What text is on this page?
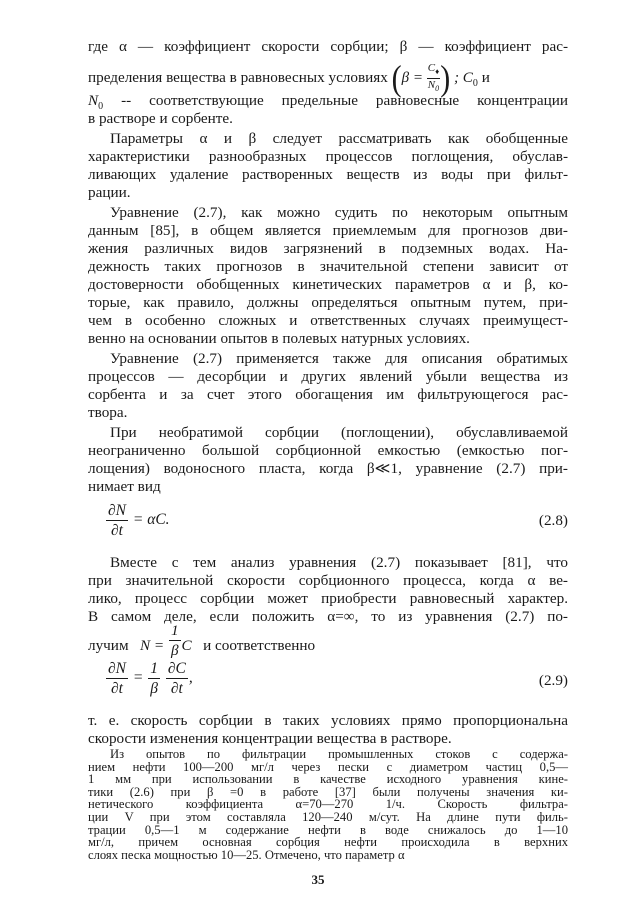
где α — коэффициент скорости сорбции; β — коэффициент рас-
пределения вещества в равновесных условиях ($\beta = \frac{C_♦}{N_0}$ ) ; $C_0$ и
$N_0$ -- соответствующие предельные равновесные концентрации
в растворе и сорбенте.
Параметры α и β следует рассматривать как обобщенные
характеристики разнообразных процессов поглощения, обуслав-
ливающих удаление растворенных веществ из воды при фильт-
рации.
Уравнение (2.7), как можно судить по некоторым опытным
данным [85], в общем является приемлемым для прогнозов дви-
жения различных видов загрязнений в подземных водах. На-
дежность таких прогнозов в значительной степени зависит от
достоверности обобщенных кинетических параметров α и β, ко-
торые, как правило, должны определяться опытным путем, при-
чем в особенно сложных и ответственных случаях преимущест-
венно на основании опытов в полевых натурных условиях.
Уравнение (2.7) применяется также для описания обратимых
процессов — десорбции и других явлений убыли вещества из
сорбента и за счет этого обогащения им фильтрующегося рас-
твора.
При необратимой сорбции (поглощении), обуславливаемой
неограниченно большой сорбционной емкостью (емкостью пог-
лощения) водоносного пласта, когда β≪1, уравнение (2.7) при-
нимает вид
$\frac{\partial N}{\partial t} = \alpha C$.	(2.8)
Вместе с тем анализ уравнения (2.7) показывает [81], что
при значительной скорости сорбционного процесса, когда α ве-
лико, процесс сорбции может приобрести равновесный характер.
В самом деле, если положить α=∞, то из уравнения (2.7) по-
лучим $N = \frac{1}{\beta}$ C и соответственно
$\frac{\partial N}{\partial t} = \frac{1}{\beta}$
$\frac{\partial C}{\partial t}$ ,	(2.9)
т. е. скорость сорбции в таких условиях прямо пропорциональна
скорости изменения концентрации вещества в растворе.
Из опытов по фильтрации промышленных стоков с содержа-
нием нефти 100—200 мг/л через пески с диаметром частиц 0,5—
1 мм при использовании в качестве исходного уравнения кине-
тики (2.6) при β =0 в работе [37] были получены значения ки-
нетического коэффициента α=70—270 1/ч. Скорость фильтра-
ции V при этом составляла 120—240 м/сут. На длине пути филь-
35
трации 0,5—1 м содержание нефти в воде снижалось до 1—10
мг/л, причем основная сорбция нефти происходила в верхних
слоях песка мощностью 10—25. Отмечено, что параметр α
